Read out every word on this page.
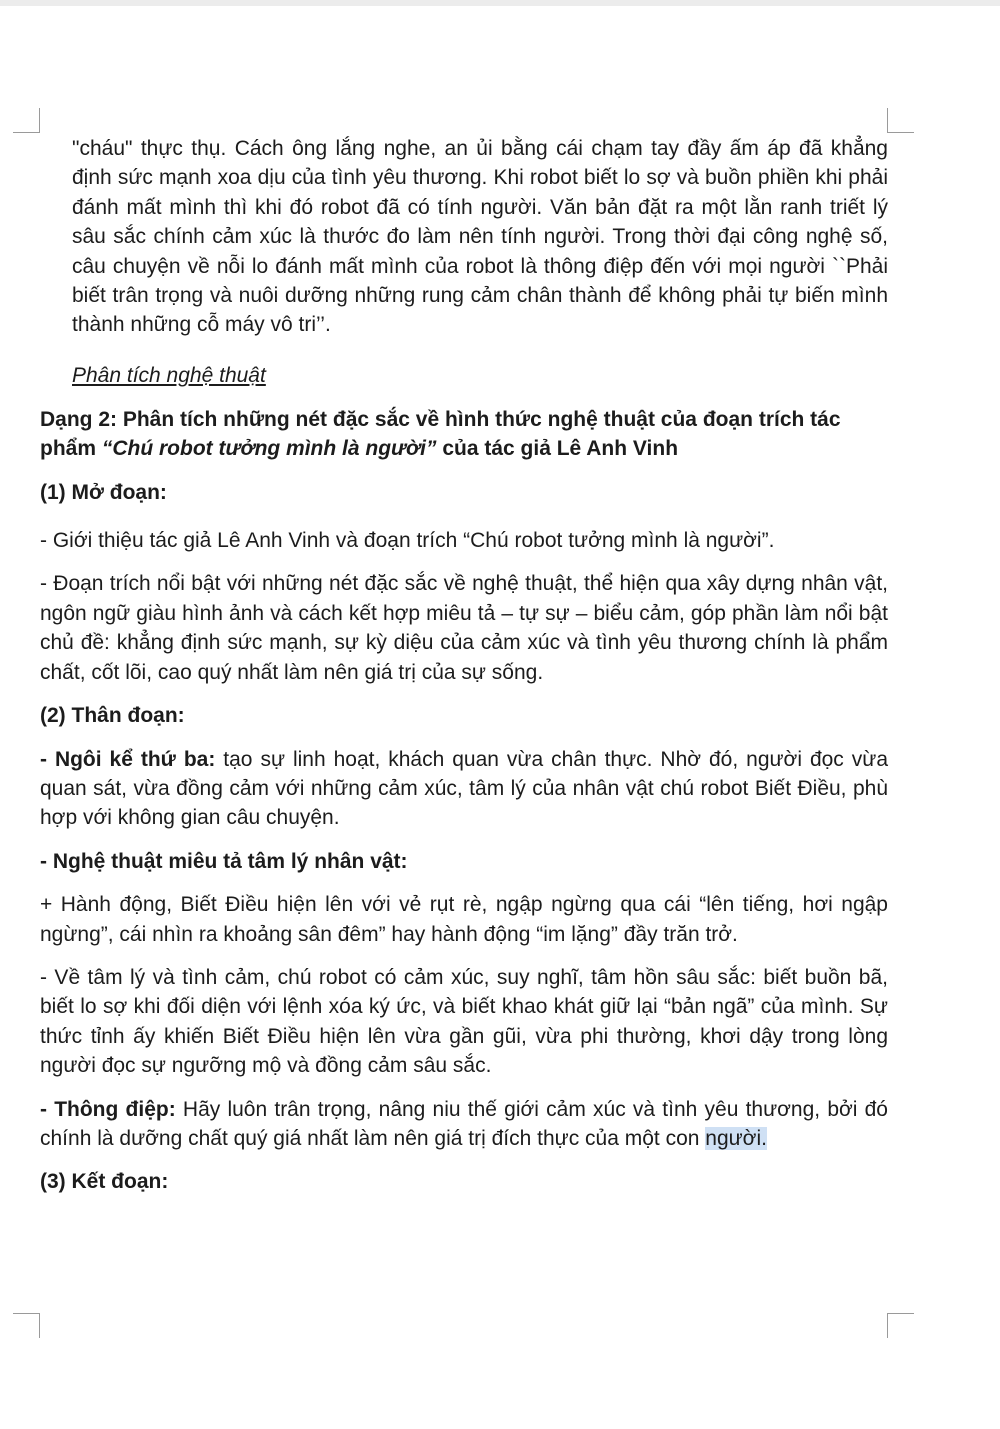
"cháu" thực thụ. Cách ông lắng nghe, an ủi bằng cái chạm tay đầy ấm áp đã khẳng định sức mạnh xoa dịu của tình yêu thương. Khi robot biết lo sợ và buồn phiền khi phải đánh mất mình thì khi đó robot đã có tính người. Văn bản đặt ra một lằn ranh triết lý sâu sắc chính cảm xúc là thước đo làm nên tính người. Trong thời đại công nghệ số, câu chuyện về nỗi lo đánh mất mình của robot là thông điệp đến với mọi người ``Phải biết trân trọng và nuôi dưỡng những rung cảm chân thành để không phải tự biến mình thành những cỗ máy vô tri’’.

Phân tích nghệ thuật

Dạng 2: Phân tích những nét đặc sắc về hình thức nghệ thuật của đoạn trích tác phẩm “Chú robot tưởng mình là người” của tác giả Lê Anh Vinh

(1) Mở đoạn:

- Giới thiệu tác giả Lê Anh Vinh và đoạn trích “Chú robot tưởng mình là người”.

- Đoạn trích nổi bật với những nét đặc sắc về nghệ thuật, thể hiện qua xây dựng nhân vật, ngôn ngữ giàu hình ảnh và cách kết hợp miêu tả – tự sự – biểu cảm, góp phần làm nổi bật chủ đề: khẳng định sức mạnh, sự kỳ diệu của cảm xúc và tình yêu thương chính là phẩm chất, cốt lõi, cao quý nhất làm nên giá trị của sự sống.

(2) Thân đoạn:

- Ngôi kể thứ ba: tạo sự linh hoạt, khách quan vừa chân thực. Nhờ đó, người đọc vừa quan sát, vừa đồng cảm với những cảm xúc, tâm lý của nhân vật chú robot Biết Điều, phù hợp với không gian câu chuyện.

- Nghệ thuật miêu tả tâm lý nhân vật:

+ Hành động, Biết Điều hiện lên với vẻ rụt rè, ngập ngừng qua cái “lên tiếng, hơi ngập ngừng”, cái nhìn ra khoảng sân đêm” hay hành động “im lặng” đầy trăn trở.

- Về tâm lý và tình cảm, chú robot có cảm xúc, suy nghĩ, tâm hồn sâu sắc: biết buồn bã, biết lo sợ khi đối diện với lệnh xóa ký ức, và biết khao khát giữ lại “bản ngã” của mình. Sự thức tỉnh ấy khiến Biết Điều hiện lên vừa gần gũi, vừa phi thường, khơi dậy trong lòng người đọc sự ngưỡng mộ và đồng cảm sâu sắc.

- Thông điệp: Hãy luôn trân trọng, nâng niu thế giới cảm xúc và tình yêu thương, bởi đó chính là dưỡng chất quý giá nhất làm nên giá trị đích thực của một con người.

(3) Kết đoạn:
